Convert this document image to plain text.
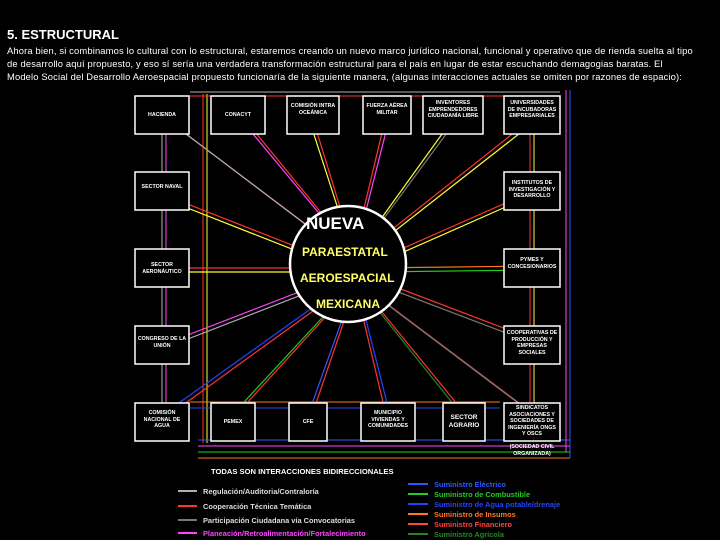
5. ESTRUCTURAL
Ahora bien, si combinamos lo cultural con lo estructural, estaremos creando un nuevo marco jurídico nacional, funcional y operativo que de rienda suelta al tipo
de desarrollo aquí propuesto, y eso sí sería una verdadera transformación estructural para el país en lugar de estar escuchando demagogias baratas. El
Modelo Social del Desarrollo Aeroespacial propuesto funcionaría de la siguiente manera, (algunas interacciones actuales se omiten por razones de espacio):
NUEVA
PARAESTATAL
AEROESPACIAL
MEXICANA
HACIENDA	CONACYT
COMISIÓN INTRA OCEÁNICA
FUERZA AÉREA MILITAR
INVENTORES EMPRENDEDORES CIUDADANÍA LIBRE
UNIVERSIDADES DE INCUBADORAS EMPRESARIALES
SECTOR NAVAL
INSTITUTOS DE INVESTIGACIÓN Y DESARROLLO
SECTOR AERONÁUTICO
PYMES Y CONCESIONARIOS
CONGRESO DE LA UNIÓN
COOPERATIVAS DE PRODUCCIÓN Y EMPRESAS SOCIALES
COMISIÓN NACIONAL DE AGUA
PEMEX	CFE
MUNICIPIO VIVIENDAS Y COMUNIDADES
SECTOR AGRARIO
SINDICATOS ASOCIACIONES Y SOCIEDADES DE INGENIERÍA ONGS Y OSCS
(SOCIEDAD CIVIL ORGANIZADA)
TODAS SON INTERACCIONES BIDIRECCIONALES
Regulación/Auditoria/Contraloría
Cooperación Técnica Temática
Participación Ciudadana vía Convocatorias
Planeación/Retroalimentación/Fortalecimiento
Suministro Eléctrico
Suministro de Combustible
Suministro de Agua potable/drenaje
Suministro de Insumos
Suministro Financiero
Suministro Agrícola
